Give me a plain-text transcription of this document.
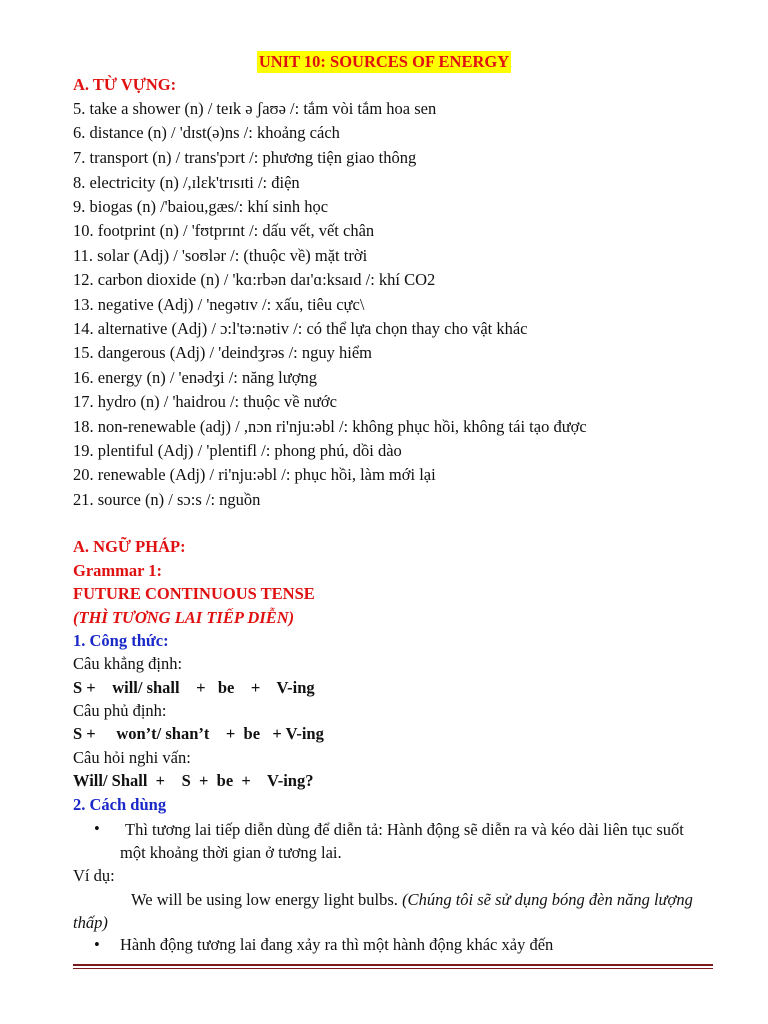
UNIT 10: SOURCES OF ENERGY
A. TỪ VỰNG:
5. take a shower (n) / teɪk ə ʃaʊə /: tắm vòi tắm hoa sen
6. distance (n) / 'dɪst(ə)ns /: khoảng cách
7. transport (n) / trans'pɔrt /: phương tiện giao thông
8. electricity (n) /,ɪlɛk'trɪsɪti /: điện
9. biogas (n) /'baiou,gæs/: khí sinh học
10. footprint (n) / 'fʊtprɪnt /: dấu vết, vết chân
11. solar (Adj) / 'soʊlər /: (thuộc về) mặt trời
12. carbon dioxide (n) / 'kɑ:rbən daɪ'ɑ:ksaɪd /: khí CO2
13. negative (Adj) / 'neɡətɪv /: xấu, tiêu cực\
14. alternative (Adj) / ɔ:l'tə:nətiv /: có thể lựa chọn thay cho vật khác
15. dangerous (Adj) / 'deindʒrəs /: nguy hiểm
16. energy (n) / 'enədʒi /: năng lượng
17. hydro (n) / 'haidrou /: thuộc về nước
18. non-renewable (adj) / ,nɔn ri'nju:əbl /: không phục hồi, không tái tạo được
19. plentiful (Adj) / 'plentifl /: phong phú, dồi dào
20. renewable (Adj) / ri'nju:əbl /: phục hồi, làm mới lại
21. source (n) / sɔ:s /: nguồn
A. NGỮ PHÁP:
Grammar 1:
FUTURE CONTINUOUS TENSE
(THÌ TƯƠNG LAI TIẾP DIỄN)
1. Công thức:
Câu khẳng định:
S +    will/ shall    +   be    +    V-ing
Câu phủ định:
S +     won’t/ shan’t    +  be   + V-ing
Câu hỏi nghi vấn:
Will/ Shall  +    S  +  be  +    V-ing?
2. Cách dùng
•	Thì tương lai tiếp diễn dùng để diễn tả: Hành động sẽ diễn ra và kéo dài liên tục suốt một khoảng thời gian ở tương lai.
Ví dụ:
We will be using low energy light bulbs. (Chúng tôi sẽ sử dụng bóng đèn năng lượng thấp)
• Hành động tương lai đang xảy ra thì một hành động khác xảy đến
